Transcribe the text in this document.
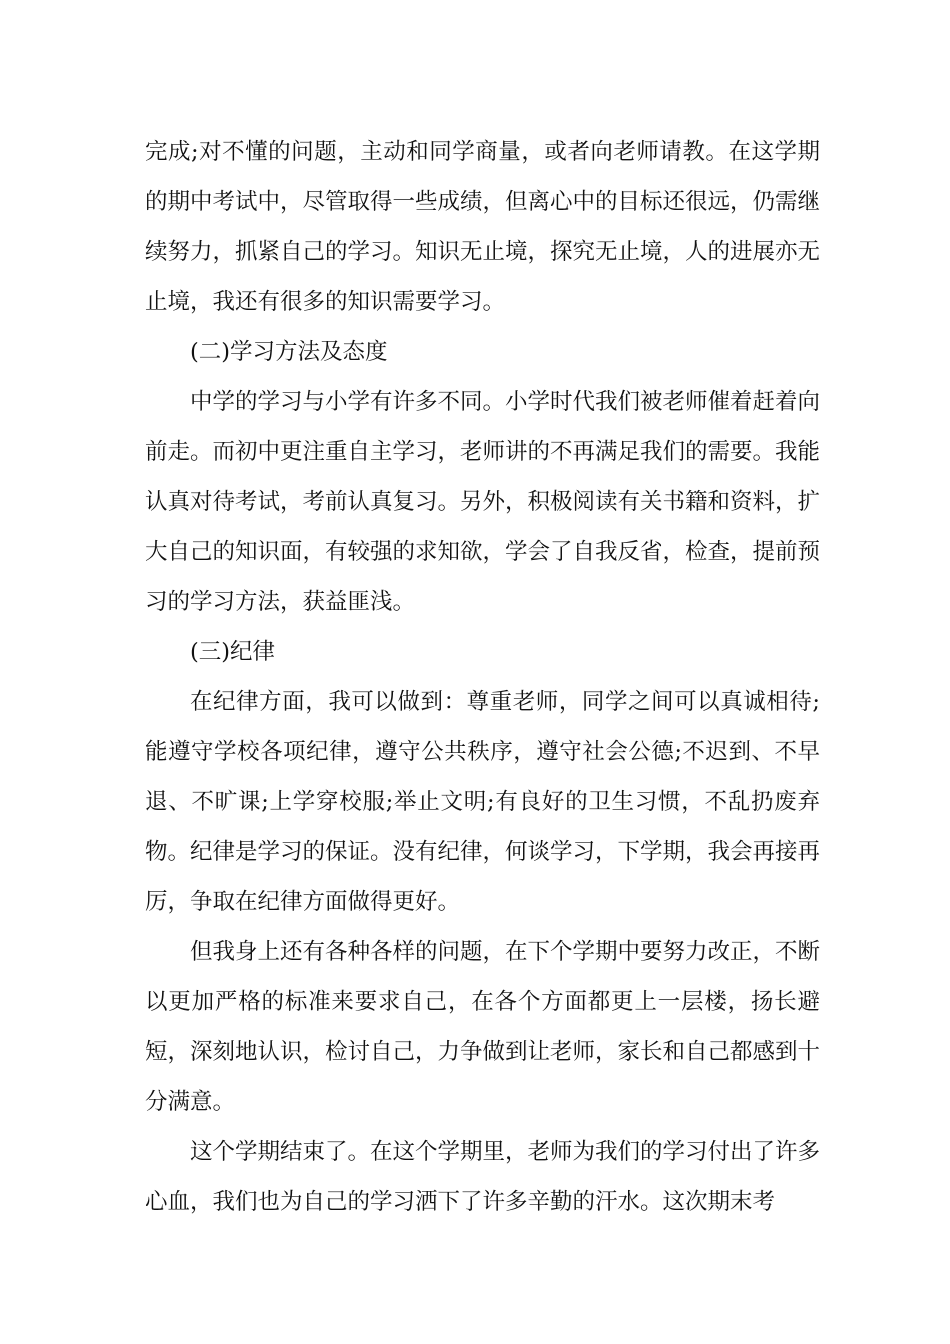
完成;对不懂的问题，主动和同学商量，或者向老师请教。在这学期的期中考试中，尽管取得一些成绩，但离心中的目标还很远，仍需继续努力，抓紧自己的学习。知识无止境，探究无止境，人的进展亦无止境，我还有很多的知识需要学习。

(二)学习方法及态度

中学的学习与小学有许多不同。小学时代我们被老师催着赶着向前走。而初中更注重自主学习，老师讲的不再满足我们的需要。我能认真对待考试，考前认真复习。另外，积极阅读有关书籍和资料，扩大自己的知识面，有较强的求知欲，学会了自我反省，检查，提前预习的学习方法，获益匪浅。

(三)纪律

在纪律方面，我可以做到：尊重老师，同学之间可以真诚相待;能遵守学校各项纪律，遵守公共秩序，遵守社会公德;不迟到、不早退、不旷课;上学穿校服;举止文明;有良好的卫生习惯，不乱扔废弃物。纪律是学习的保证。没有纪律，何谈学习，下学期，我会再接再厉，争取在纪律方面做得更好。

但我身上还有各种各样的问题，在下个学期中要努力改正，不断以更加严格的标准来要求自己，在各个方面都更上一层楼，扬长避短，深刻地认识，检讨自己，力争做到让老师，家长和自己都感到十分满意。

这个学期结束了。在这个学期里，老师为我们的学习付出了许多心血，我们也为自己的学习洒下了许多辛勤的汗水。这次期末考
